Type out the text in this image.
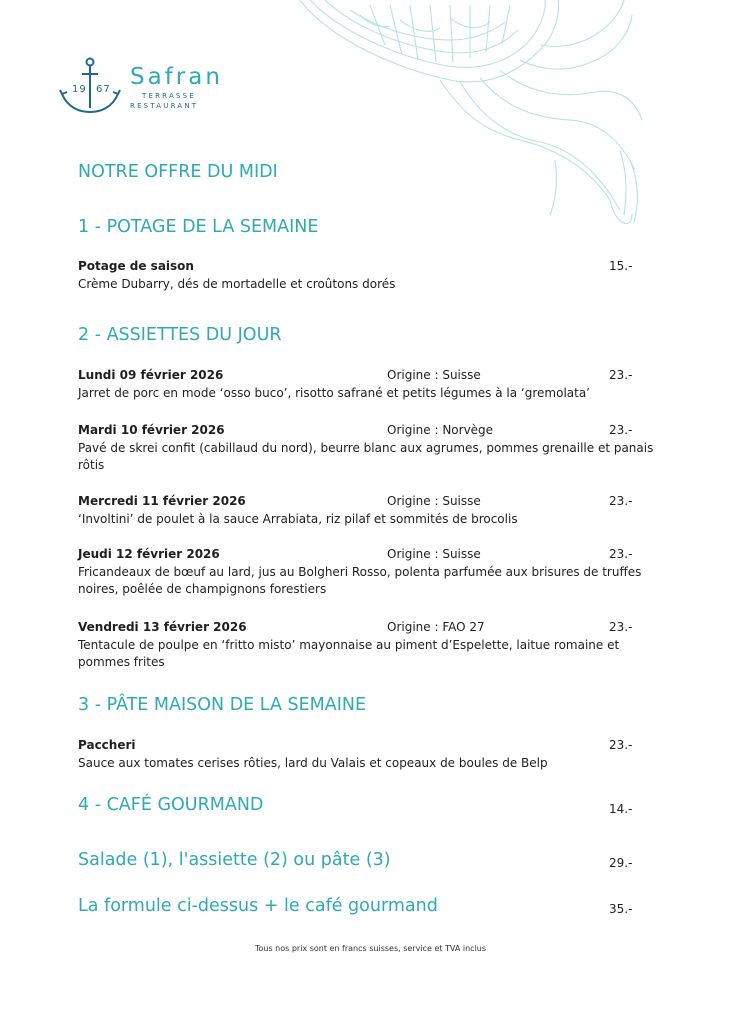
19 67 Safran
TERRASSE
RESTAURANT
NOTRE OFFRE DU MIDI
1 - POTAGE DE LA SEMAINE
Potage de saison	15.-
Crème Dubarry, dés de mortadelle et croûtons dorés
2 - ASSIETTES DU JOUR
Lundi 09 février 2026	Origine : Suisse	23.-
Jarret de porc en mode ‘osso buco’, risotto safrané et petits légumes à la ‘gremolata’
Mardi 10 février 2026	Origine : Norvège	23.-
Pavé de skrei confit (cabillaud du nord), beurre blanc aux agrumes, pommes grenaille et panais rôtis
Mercredi 11 février 2026	Origine : Suisse	23.-
‘Involtini’ de poulet à la sauce Arrabiata, riz pilaf et sommités de brocolis
Jeudi 12 février 2026	Origine : Suisse	23.-
Fricandeaux de bœuf au lard, jus au Bolgheri Rosso, polenta parfumée aux brisures de truffes noires, poêlée de champignons forestiers
Vendredi 13 février 2026	Origine : FAO 27	23.-
Tentacule de poulpe en ‘fritto misto’ mayonnaise au piment d’Espelette, laitue romaine et pommes frites
3 - PÂTE MAISON DE LA SEMAINE
Paccheri	23.-
Sauce aux tomates cerises rôties, lard du Valais et copeaux de boules de Belp
4 - CAFÉ GOURMAND	14.-
Salade (1), l'assiette (2) ou pâte (3)	29.-
La formule ci-dessus + le café gourmand	35.-
Tous nos prix sont en francs suisses, service et TVA inclus
